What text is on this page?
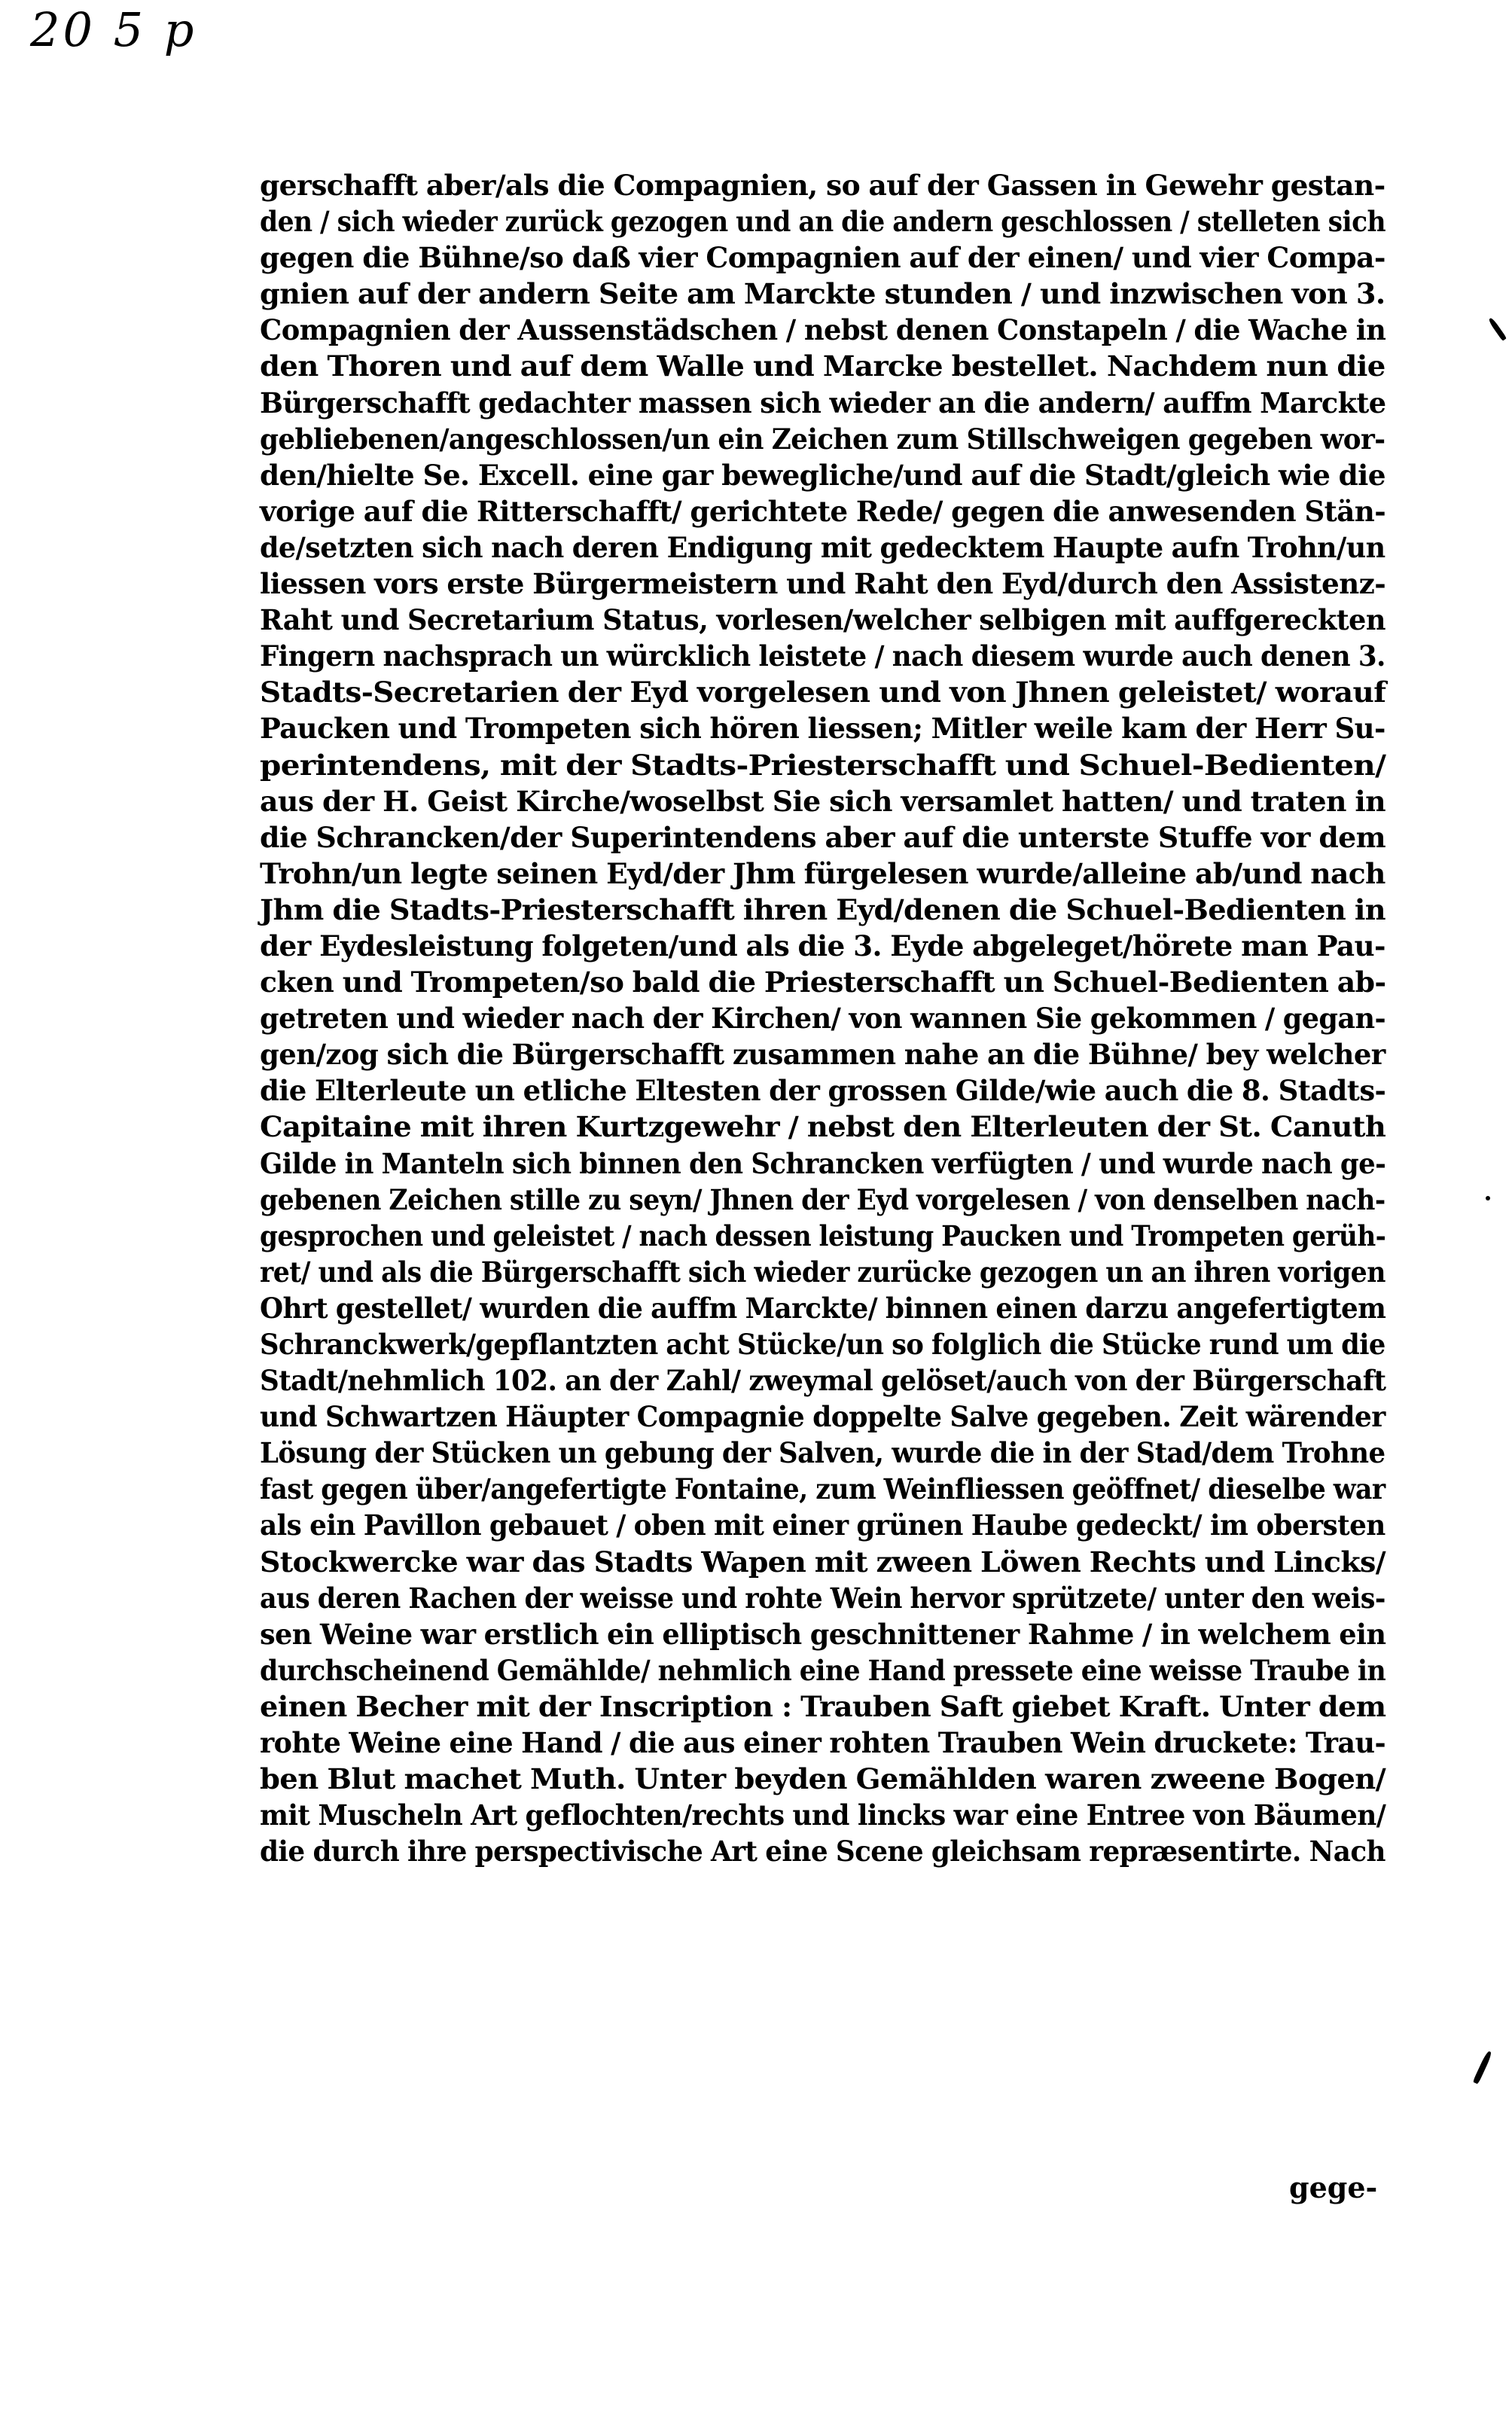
20 5 p
gerschafft aber/als die Compagnien, so auf der Gassen in Gewehr gestan-
den / sich wieder zurück gezogen und an die andern geschlossen / stelleten sich
gegen die Bühne/so daß vier Compagnien auf der einen/ und vier Compa-
gnien auf der andern Seite am Marckte stunden / und inzwischen von 3.
Compagnien der Aussenstädschen / nebst denen Constapeln / die Wache in
den Thoren und auf dem Walle und Marcke bestellet. Nachdem nun die
Bürgerschafft gedachter massen sich wieder an die andern/ auffm Marckte
gebliebenen/angeschlossen/un ein Zeichen zum Stillschweigen gegeben wor-
den/hielte Se. Excell. eine gar bewegliche/und auf die Stadt/gleich wie die
vorige auf die Ritterschafft/ gerichtete Rede/ gegen die anwesenden Stän-
de/setzten sich nach deren Endigung mit gedecktem Haupte aufn Trohn/un
liessen vors erste Bürgermeistern und Raht den Eyd/durch den Assistenz-
Raht und Secretarium Status, vorlesen/welcher selbigen mit auffgereckten
Fingern nachsprach un würcklich leistete / nach diesem wurde auch denen 3.
Stadts-Secretarien der Eyd vorgelesen und von Jhnen geleistet/ worauf
Paucken und Trompeten sich hören liessen; Mitler weile kam der Herr Su-
perintendens, mit der Stadts-Priesterschafft und Schuel-Bedienten/
aus der H. Geist Kirche/woselbst Sie sich versamlet hatten/ und traten in
die Schrancken/der Superintendens aber auf die unterste Stuffe vor dem
Trohn/un legte seinen Eyd/der Jhm fürgelesen wurde/alleine ab/und nach
Jhm die Stadts-Priesterschafft ihren Eyd/denen die Schuel-Bedienten in
der Eydesleistung folgeten/und als die 3. Eyde abgeleget/hörete man Pau-
cken und Trompeten/so bald die Priesterschafft un Schuel-Bedienten ab-
getreten und wieder nach der Kirchen/ von wannen Sie gekommen / gegan-
gen/zog sich die Bürgerschafft zusammen nahe an die Bühne/ bey welcher
die Elterleute un etliche Eltesten der grossen Gilde/wie auch die 8. Stadts-
Capitaine mit ihren Kurtzgewehr / nebst den Elterleuten der St. Canuth
Gilde in Manteln sich binnen den Schrancken verfügten / und wurde nach ge-
gebenen Zeichen stille zu seyn/ Jhnen der Eyd vorgelesen / von denselben nach-
gesprochen und geleistet / nach dessen leistung Paucken und Trompeten gerüh-
ret/ und als die Bürgerschafft sich wieder zurücke gezogen un an ihren vorigen
Ohrt gestellet/ wurden die auffm Marckte/ binnen einen darzu angefertigtem
Schranckwerk/gepflantzten acht Stücke/un so folglich die Stücke rund um die
Stadt/nehmlich 102. an der Zahl/ zweymal gelöset/auch von der Bürgerschaft
und Schwartzen Häupter Compagnie doppelte Salve gegeben. Zeit wärender
Lösung der Stücken un gebung der Salven, wurde die in der Stad/dem Trohne
fast gegen über/angefertigte Fontaine, zum Weinfliessen geöffnet/ dieselbe war
als ein Pavillon gebauet / oben mit einer grünen Haube gedeckt/ im obersten
Stockwercke war das Stadts Wapen mit zween Löwen Rechts und Lincks/
aus deren Rachen der weisse und rohte Wein hervor sprützete/ unter den weis-
sen Weine war erstlich ein elliptisch geschnittener Rahme / in welchem ein
durchscheinend Gemählde/ nehmlich eine Hand pressete eine weisse Traube in
einen Becher mit der Inscription : Trauben Saft giebet Kraft. Unter dem
rohte Weine eine Hand / die aus einer rohten Trauben Wein druckete: Trau-
ben Blut machet Muth. Unter beyden Gemählden waren zweene Bogen/
mit Muscheln Art geflochten/rechts und lincks war eine Entree von Bäumen/
die durch ihre perspectivische Art eine Scene gleichsam repræsentirte. Nach
gege-
